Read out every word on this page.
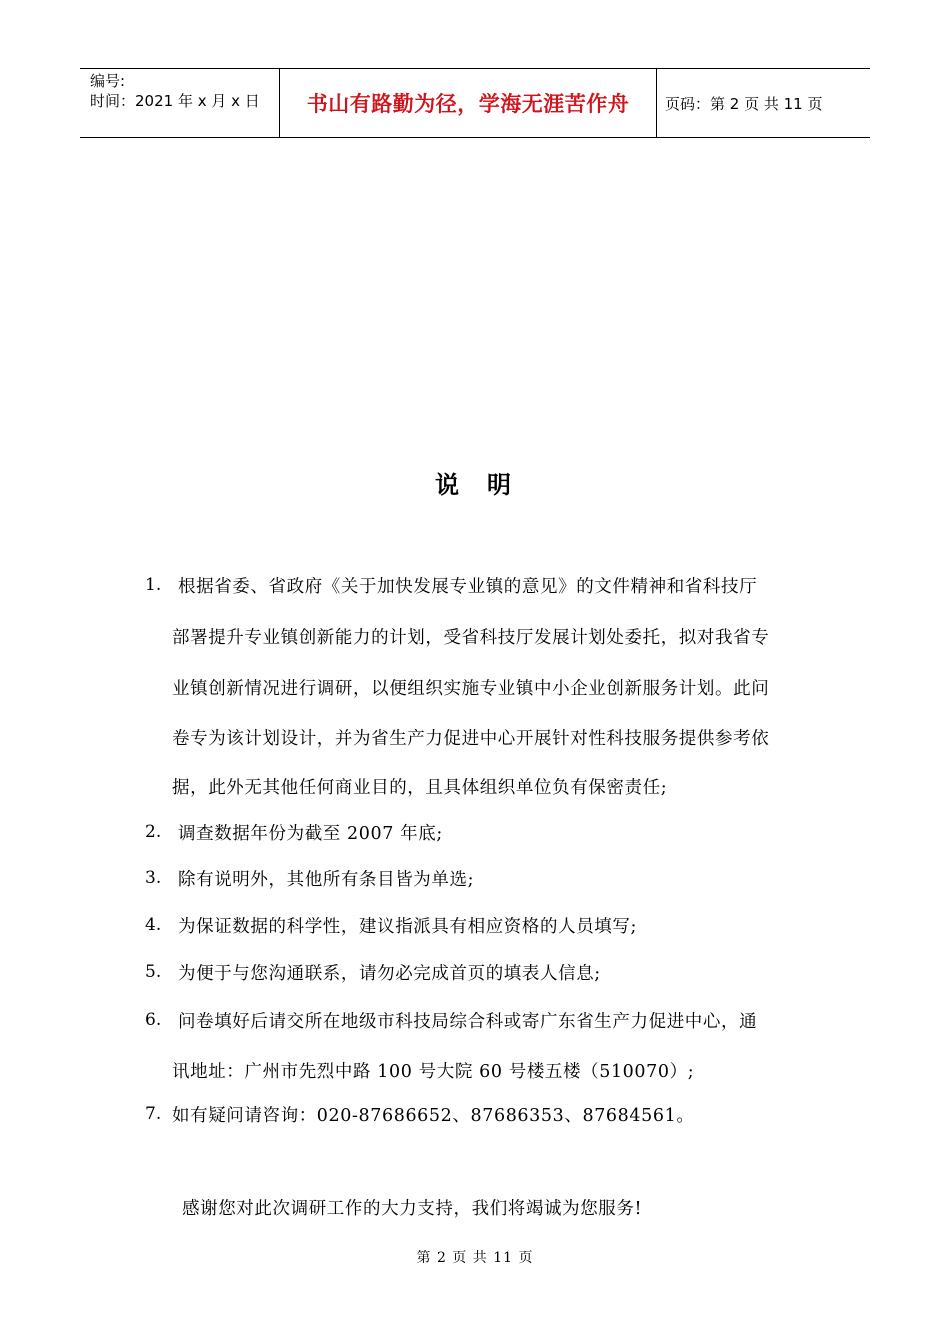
编号:
时间：2021 年 x 月 x 日	书山有路勤为径，学海无涯苦作舟	页码：第 2 页 共 11 页
说 明
1. 根据省委、省政府《关于加快发展专业镇的意见》的文件精神和省科技厅
部署提升专业镇创新能力的计划，受省科技厅发展计划处委托，拟对我省专
业镇创新情况进行调研，以便组织实施专业镇中小企业创新服务计划。此问
卷专为该计划设计，并为省生产力促进中心开展针对性科技服务提供参考依
据，此外无其他任何商业目的，且具体组织单位负有保密责任;
2. 调查数据年份为截至 2007 年底;
3. 除有说明外，其他所有条目皆为单选;
4. 为保证数据的科学性，建议指派具有相应资格的人员填写;
5. 为便于与您沟通联系，请勿必完成首页的填表人信息;
6. 问卷填好后请交所在地级市科技局综合科或寄广东省生产力促进中心，通
讯地址：广州市先烈中路 100 号大院 60 号楼五楼（510070）;
7. 如有疑问请咨询：020-87686652、87686353、87684561。
感谢您对此次调研工作的大力支持，我们将竭诚为您服务!
第 2 页 共 11 页
